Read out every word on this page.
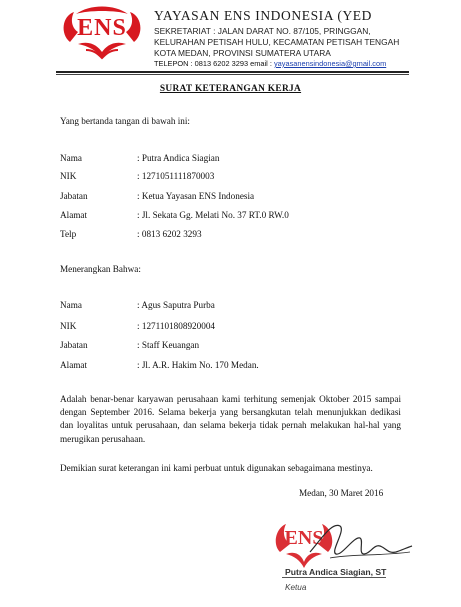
ENS YAYASAN ENS INDONESIA (YED
SEKRETARIAT : JALAN DARAT NO. 87/105, PRINGGAN,
KELURAHAN PETISAH HULU, KECAMATAN PETISAH TENGAH
KOTA MEDAN, PROVINSI SUMATERA UTARA
TELEPON : 0813 6202 3293 email : yayasanensindonesia@gmail.com
SURAT KETERANGAN KERJA
Yang bertanda tangan di bawah ini:
Nama	: Putra Andica Siagian
NIK	: 1271051111870003
Jabatan	: Ketua Yayasan ENS Indonesia
Alamat	: Jl. Sekata Gg. Melati No. 37 RT.0 RW.0
Telp	: 0813 6202 3293
Menerangkan Bahwa:
Nama	: Agus Saputra Purba
NIK	: 1271101808920004
Jabatan	: Staff Keuangan
Alamat	: Jl. A.R. Hakim No. 170 Medan.
Adalah benar-benar karyawan perusahaan kami terhitung semenjak Oktober 2015 sampai dengan September 2016. Selama bekerja yang bersangkutan telah menunjukkan dedikasi dan loyalitas untuk perusahaan, dan selama bekerja tidak pernah melakukan hal-hal yang merugikan perusahaan.
Demikian surat keterangan ini kami perbuat untuk digunakan sebagaimana mestinya.
Medan, 30 Maret 2016
ENS
Putra Andica Siagian, ST
Ketua
